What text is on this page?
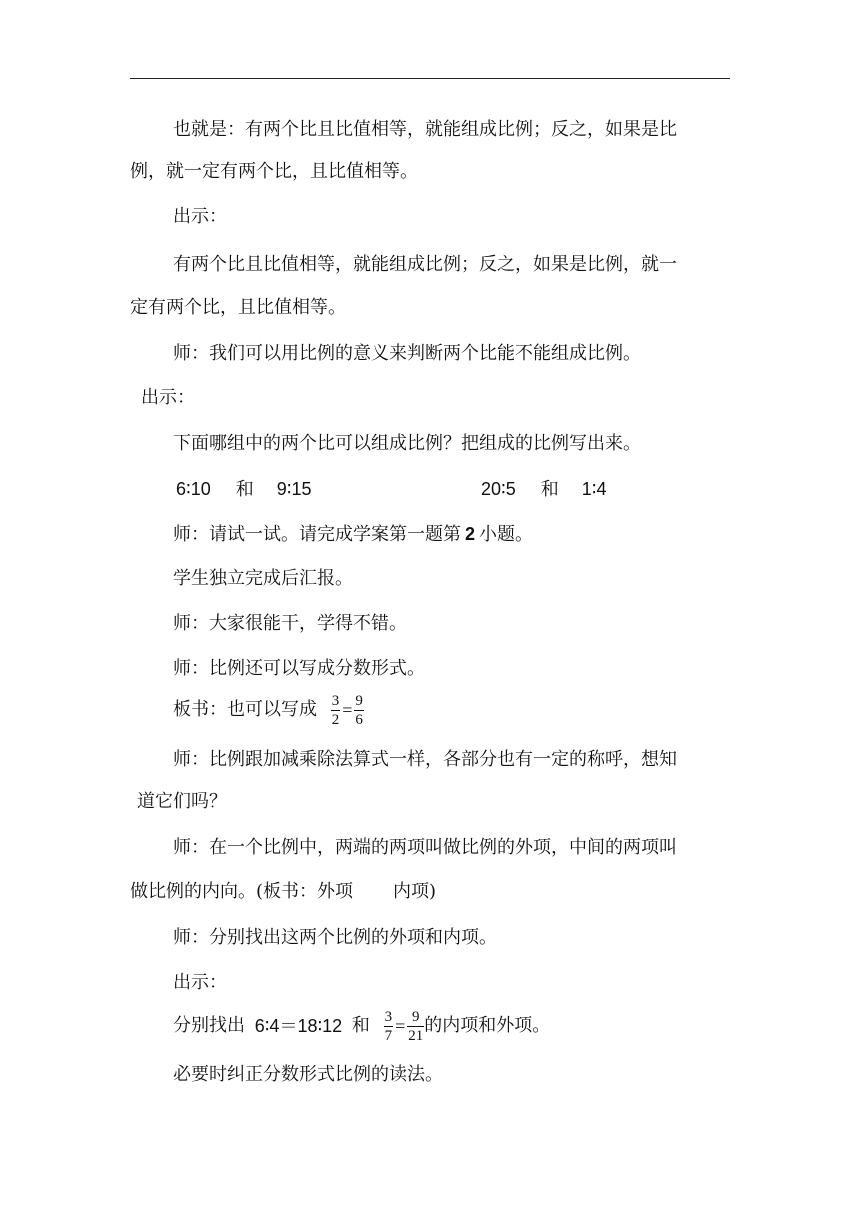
也就是：有两个比且比值相等，就能组成比例；反之，如果是比
例，就一定有两个比，且比值相等。
出示：
有两个比且比值相等，就能组成比例；反之，如果是比例，就一
定有两个比，且比值相等。
师：我们可以用比例的意义来判断两个比能不能组成比例。
出示：
下面哪组中的两个比可以组成比例？把组成的比例写出来。
6∶10 和 9∶15	20∶5 和 1∶4
师：请试一试。请完成学案第一题第 2 小题。
学生独立完成后汇报。
师：大家很能干，学得不错。
师：比例还可以写成分数形式。
板书：也可以写成 $\frac{3}{2} = \frac{9}{6}$
师：比例跟加减乘除法算式一样，各部分也有一定的称呼，想知
道它们吗？
师：在一个比例中，两端的两项叫做比例的外项，中间的两项叫
做比例的内向。(板书：外项 内项)
师：分别找出这两个比例的外项和内项。
出示：
分别找出 6∶4＝18∶12 和 $\frac{3}{7} = \frac{9}{21}$ 的内项和外项。
必要时纠正分数形式比例的读法。
